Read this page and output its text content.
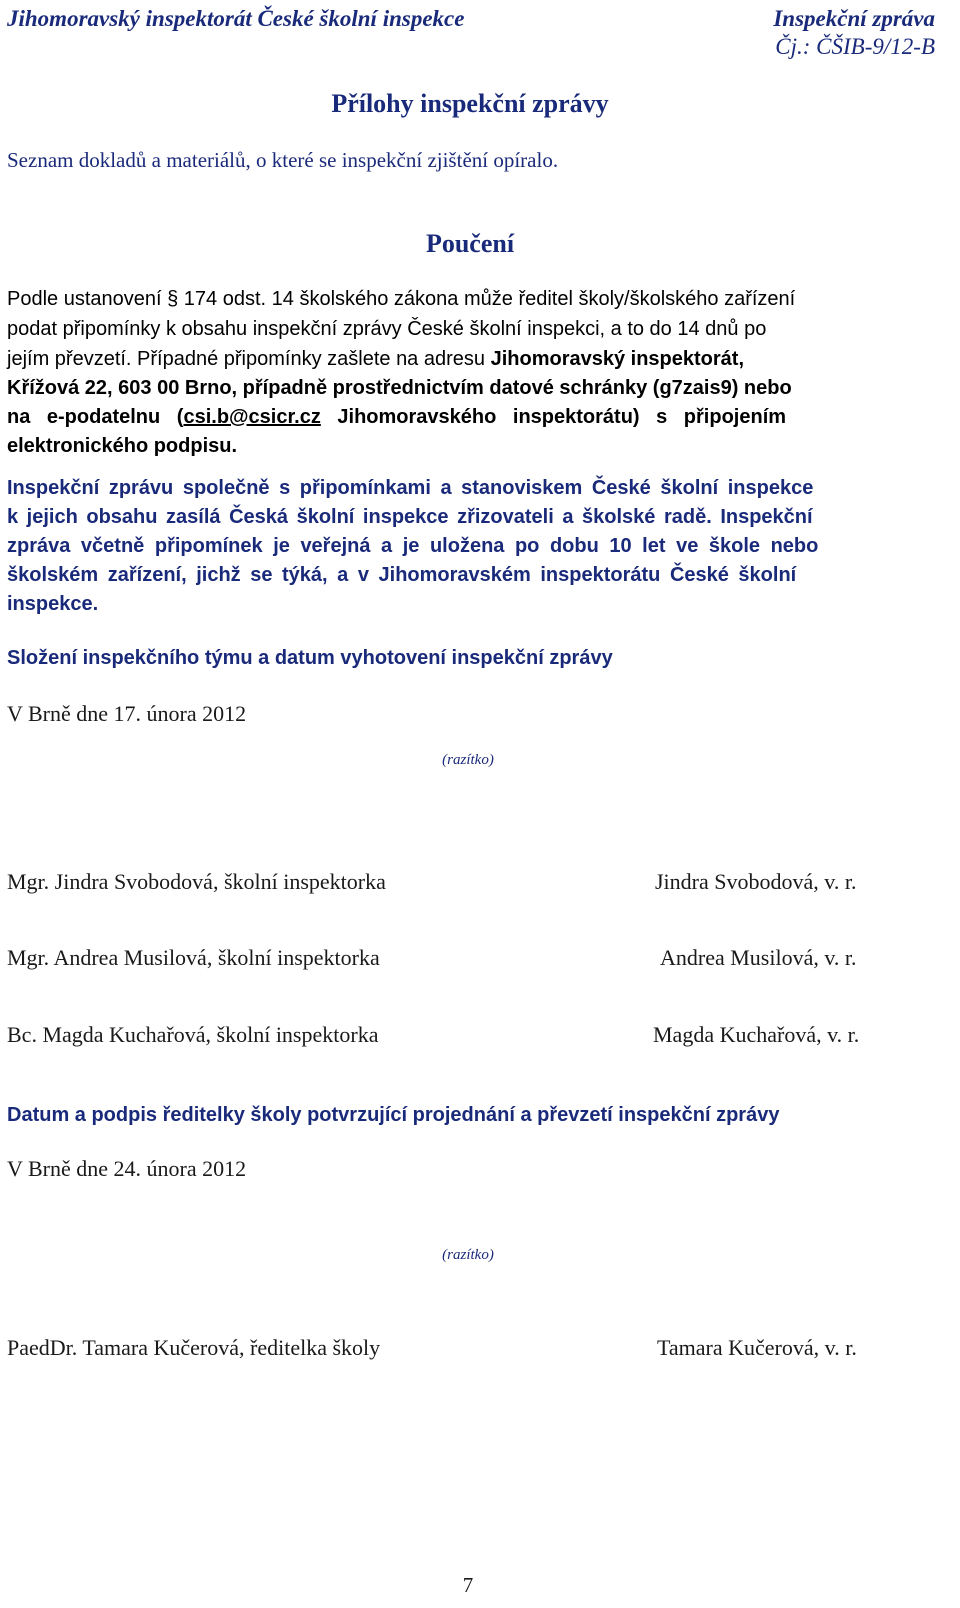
Jihomoravský inspektorát České školní inspekce	Inspekční zpráva
Čj.: ČŠIB-9/12-B
Přílohy inspekční zprávy
Seznam dokladů a materiálů, o které se inspekční zjištění opíralo.
Poučení
Podle ustanovení § 174 odst. 14 školského zákona může ředitel školy/školského zařízení
podat připomínky k obsahu inspekční zprávy České školní inspekci, a to do 14 dnů po
jejím převzetí. Případné připomínky zašlete na adresu Jihomoravský inspektorát,
Křížová 22, 603 00 Brno, případně prostřednictvím datové schránky (g7zais9) nebo
na e-podatelnu (csi.b@csicr.cz Jihomoravského inspektorátu) s připojením
elektronického podpisu.
Inspekční zprávu společně s připomínkami a stanoviskem České školní inspekce
k jejich obsahu zasílá Česká školní inspekce zřizovateli a školské radě. Inspekční
zpráva včetně připomínek je veřejná a je uložena po dobu 10 let ve škole nebo
školském zařízení, jichž se týká, a v Jihomoravském inspektorátu České školní
inspekce.
Složení inspekčního týmu a datum vyhotovení inspekční zprávy
V Brně dne 17. února 2012
(razítko)
Mgr. Jindra Svobodová, školní inspektorka	Jindra Svobodová, v. r.
Mgr. Andrea Musilová, školní inspektorka	Andrea Musilová, v. r.
Bc. Magda Kuchařová, školní inspektorka	Magda Kuchařová, v. r.
Datum a podpis ředitelky školy potvrzující projednání a převzetí inspekční zprávy
V Brně dne 24. února 2012
(razítko)
PaedDr. Tamara Kučerová, ředitelka školy	Tamara Kučerová, v. r.
7
